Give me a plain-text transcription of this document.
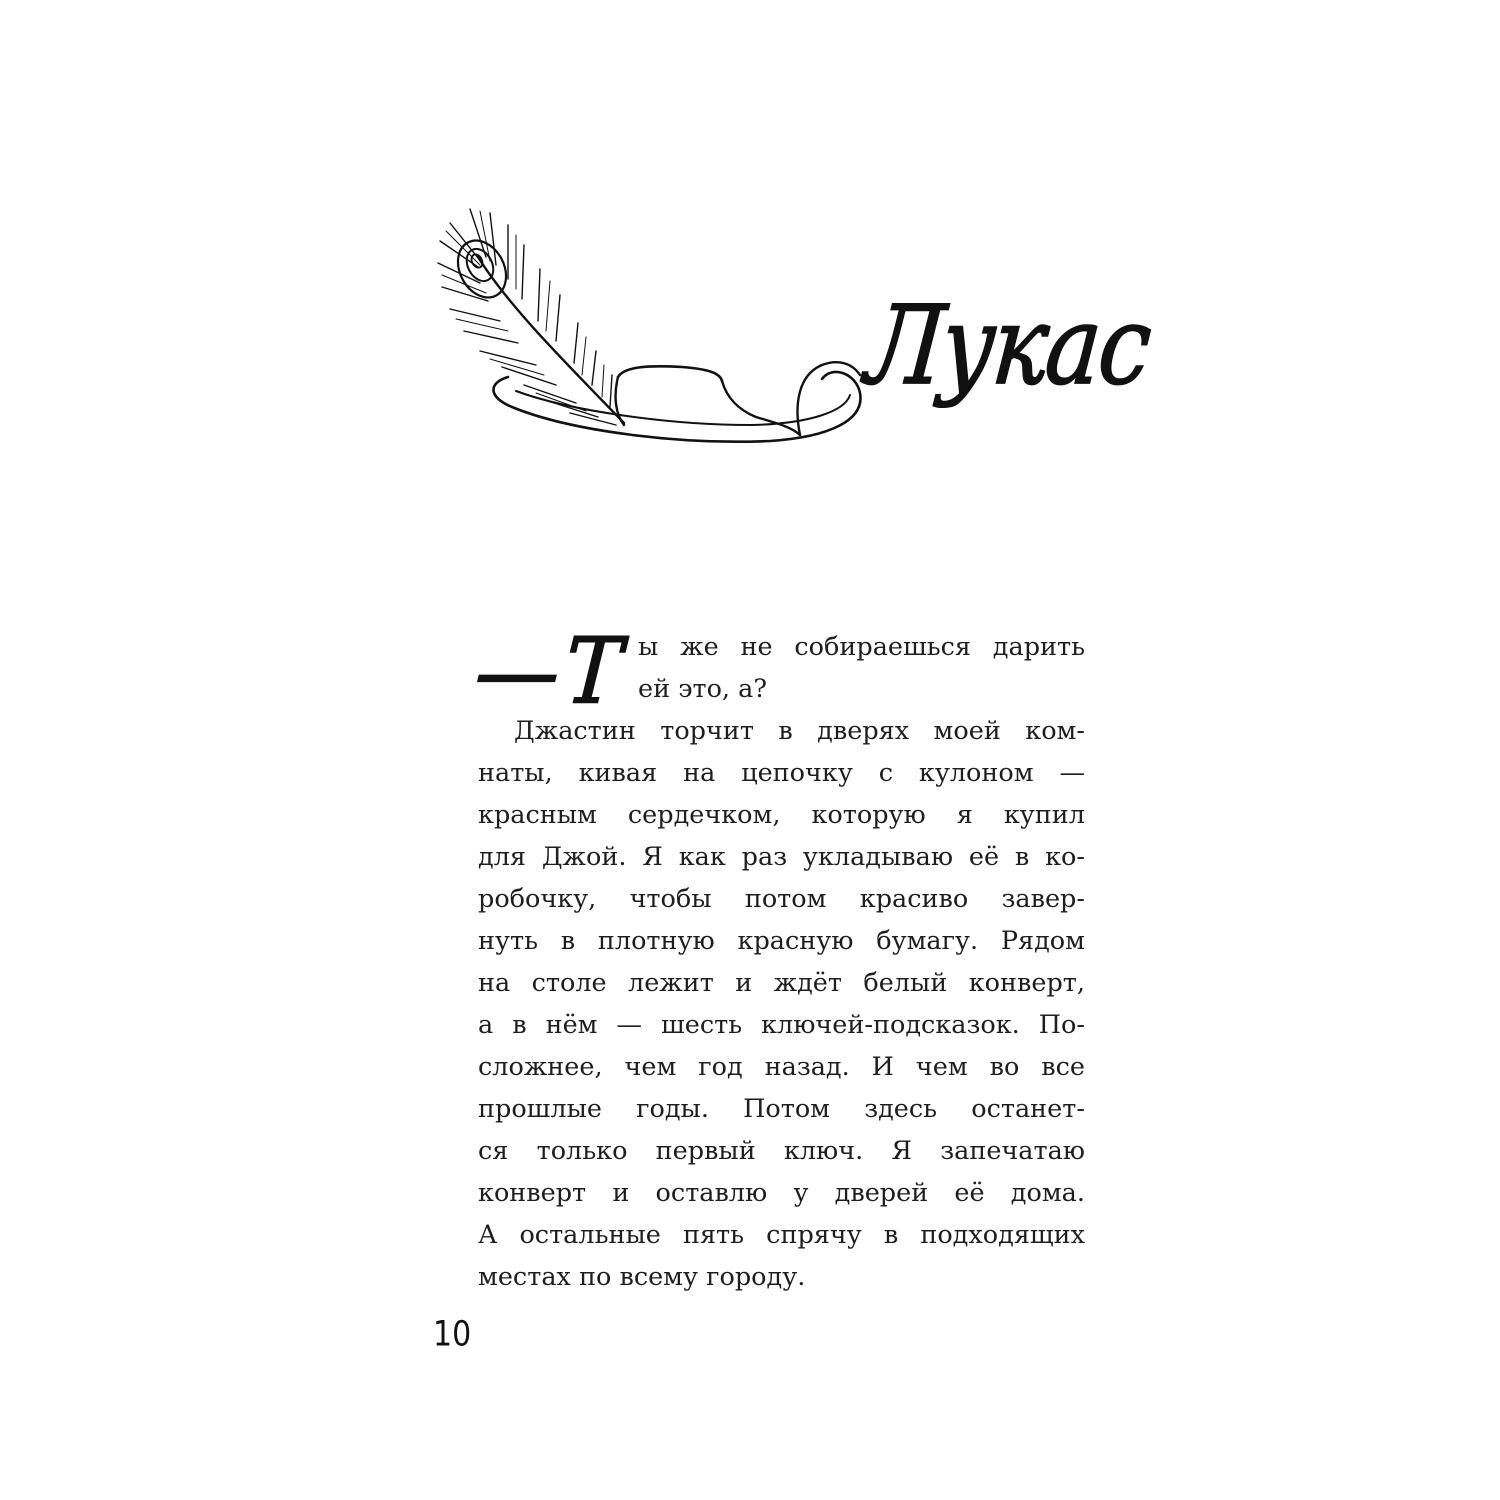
Лукас
—Т ы же не собираешься дарить
ей это, а?
Джастин торчит в дверях моей ком-
наты, кивая на цепочку с кулоном —
красным сердечком, которую я купил
для Джой. Я как раз укладываю её в ко-
робочку, чтобы потом красиво завер-
нуть в плотную красную бумагу. Рядом
на столе лежит и ждёт белый конверт,
а в нём — шесть ключей-подсказок. По-
сложнее, чем год назад. И чем во все
прошлые годы. Потом здесь останет-
ся только первый ключ. Я запечатаю
конверт и оставлю у дверей её дома.
А остальные пять спрячу в подходящих
местах по всему городу.
10
